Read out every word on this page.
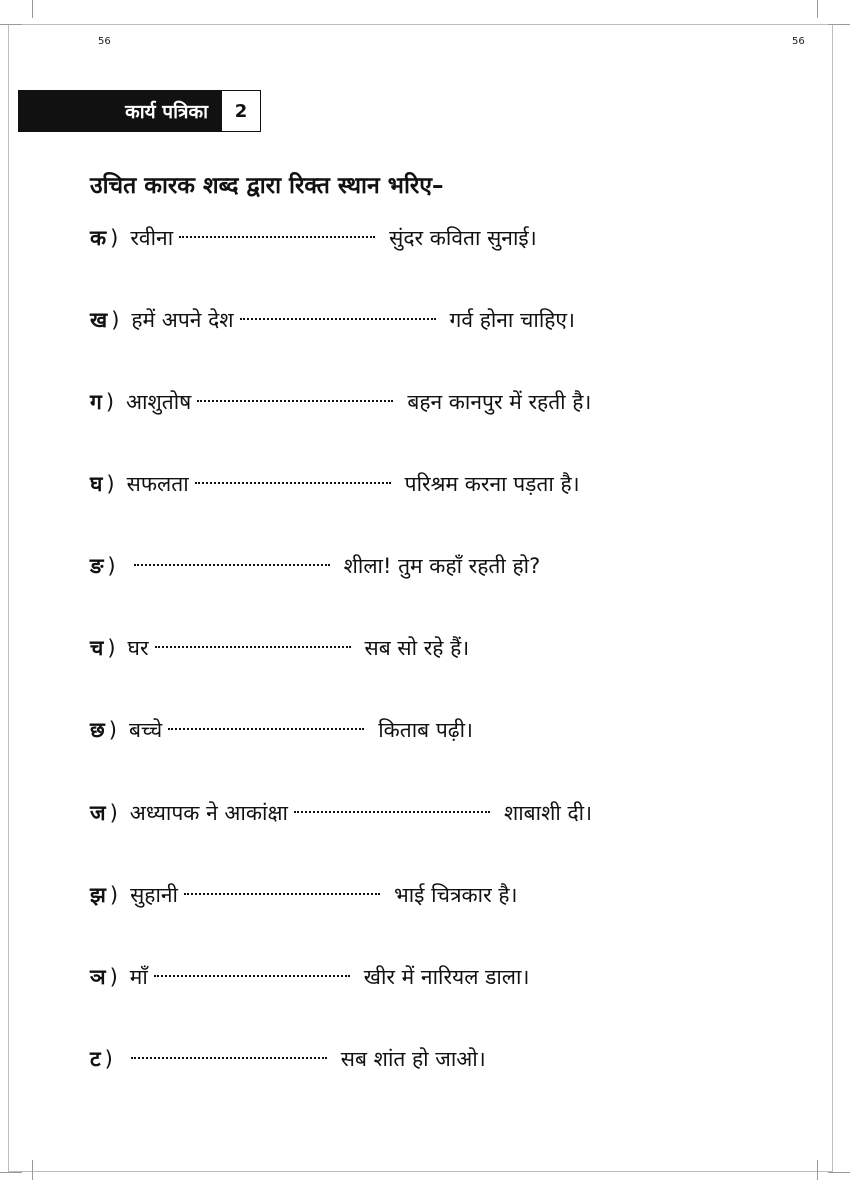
56	56
कार्य पत्रिका	2
उचित कारक शब्द द्वारा रिक्त स्थान भरिए–
क ) रवीना	सुंदर कविता सुनाई।
ख ) हमें अपने देश	गर्व होना चाहिए।
ग ) आशुतोष	बहन कानपुर में रहती है।
घ ) सफलता	परिश्रम करना पड़ता है।
ङ )	शीला! तुम कहाँ रहती हो?
च ) घर	सब सो रहे हैं।
छ ) बच्चे	किताब पढ़ी।
ज ) अध्यापक ने आकांक्षा	शाबाशी दी।
झ ) सुहानी	भाई चित्रकार है।
ञ ) माँ	खीर में नारियल डाला।
ट )	सब शांत हो जाओ।
